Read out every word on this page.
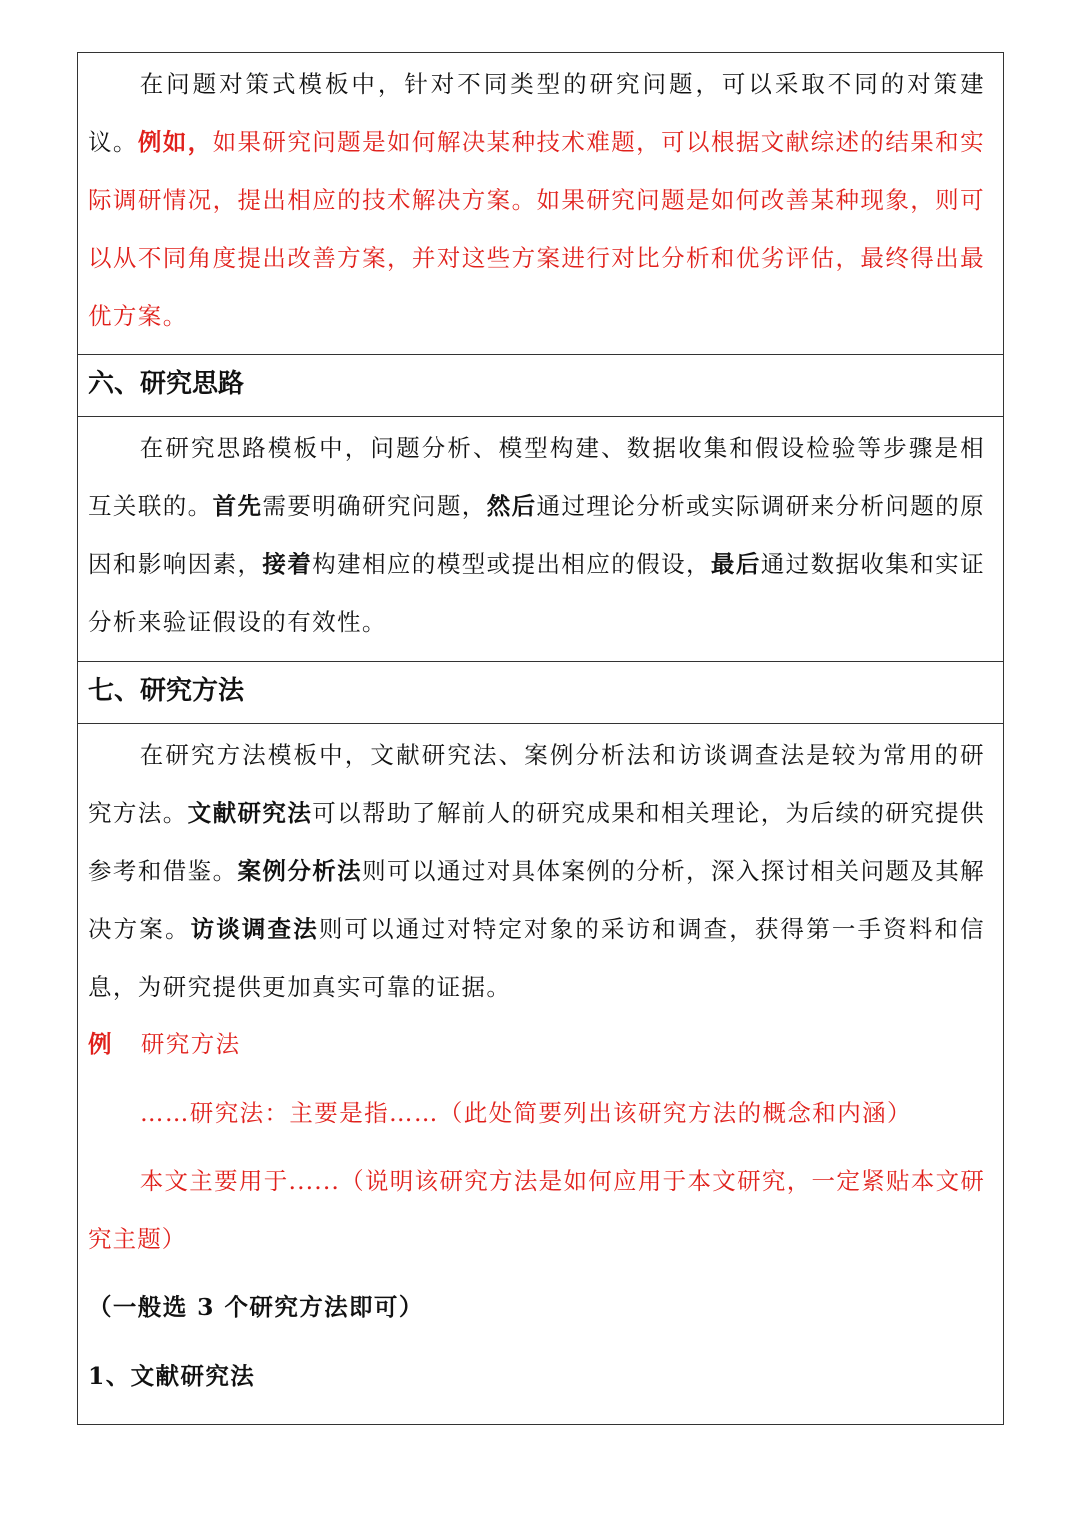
在问题对策式模板中，针对不同类型的研究问题，可以采取不同的对策建议。例如，如果研究问题是如何解决某种技术难题，可以根据文献综述的结果和实际调研情况，提出相应的技术解决方案。如果研究问题是如何改善某种现象，则可以从不同角度提出改善方案，并对这些方案进行对比分析和优劣评估，最终得出最优方案。

六、研究思路

在研究思路模板中，问题分析、模型构建、数据收集和假设检验等步骤是相互关联的。首先需要明确研究问题，然后通过理论分析或实际调研来分析问题的原因和影响因素，接着构建相应的模型或提出相应的假设，最后通过数据收集和实证分析来验证假设的有效性。

七、研究方法

在研究方法模板中，文献研究法、案例分析法和访谈调查法是较为常用的研究方法。文献研究法可以帮助了解前人的研究成果和相关理论，为后续的研究提供参考和借鉴。案例分析法则可以通过对具体案例的分析，深入探讨相关问题及其解决方案。访谈调查法则可以通过对特定对象的采访和调查，获得第一手资料和信息，为研究提供更加真实可靠的证据。

例 研究方法
……研究法：主要是指……（此处简要列出该研究方法的概念和内涵）

本文主要用于......（说明该研究方法是如何应用于本文研究，一定紧贴本文研究主题）

（一般选 3 个研究方法即可）
1、文献研究法
